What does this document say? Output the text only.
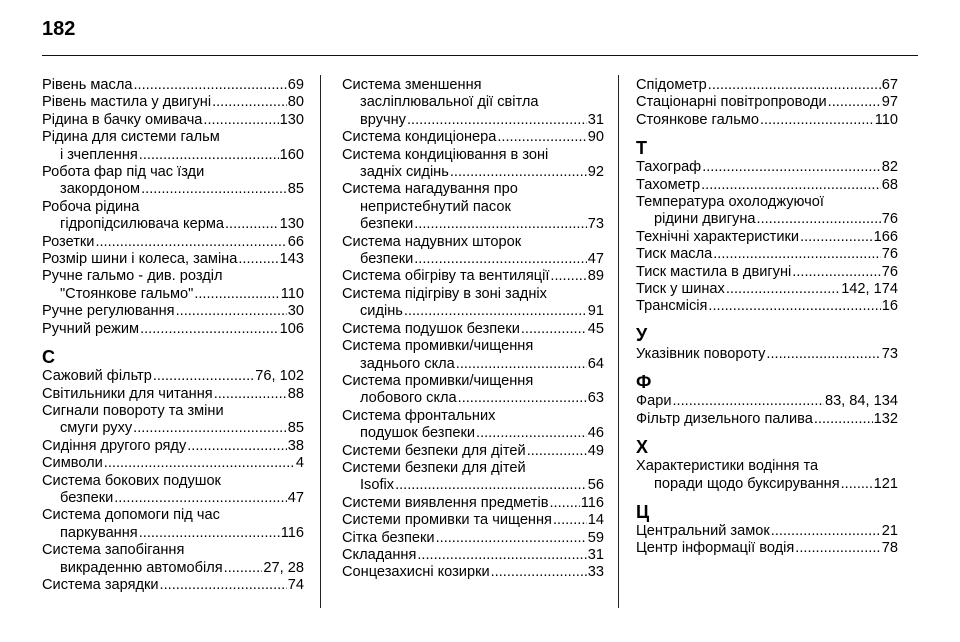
182
Рівень масла .....	69
Рівень мастила у двигуні .....	80
Рідина в бачку омивача .....	130
Рідина для системи гальм
і зчеплення .....	160
Робота фар під час їзди
закордоном .....	85
Робоча рідина
гідропідсилювача керма .....	130
Розетки .....	66
Розмір шини і колеса, заміна .....	143
Ручне гальмо - див. розділ
"Стоянкове гальмо" .....	110
Ручне регулювання .....	30
Ручний режим .....	106
С
Сажовий фільтр .....	76, 102
Світильники для читання .....	88
Сигнали повороту та зміни
смуги руху .....	85
Сидіння другого ряду .....	38
Символи .....	4
Система бокових подушок
безпеки .....	47
Система допомоги під час
паркування .....	116
Система запобігання
викраденню автомобіля .....	27, 28
Система зарядки .....	74
Система зменшення
засліплювальної дії світла
вручну .....	31
Система кондиціонера .....	90
Система кондиціювання в зоні
задніх сидінь .....	92
Система нагадування про
непристебнутий пасок
безпеки .....	73
Система надувних шторок
безпеки .....	47
Система обігріву та вентиляції .....	89
Система підігріву в зоні задніх
сидінь .....	91
Система подушок безпеки .....	45
Система промивки/чищення
заднього скла .....	64
Система промивки/чищення
лобового скла .....	63
Система фронтальних
подушок безпеки .....	46
Системи безпеки для дітей .....	49
Системи безпеки для дітей
Isofix .....	56
Системи виявлення предметів ..... 116
Системи промивки та чищення ..... 14
Сітка безпеки .....	59
Складання .....	31
Сонцезахисні козирки .....	33
Спідометр .....	67
Стаціонарні повітропроводи .....	97
Стоянкове гальмо .....	110
Т
Тахограф .....	82
Тахометр .....	68
Температура охолоджуючої
рідини двигуна .....	76
Технічні характеристики .....	166
Тиск масла .....	76
Тиск мастила в двигуні .....	76
Тиск у шинах .....	142, 174
Трансмісія .....	16
У
Указівник повороту .....	73
Ф
Фари .....	83, 84, 134
Фільтр дизельного палива .....	132
Х
Характеристики водіння та
поради щодо буксирування ..... 121
Ц
Центральний замок .....	21
Центр інформації водія .....	78
